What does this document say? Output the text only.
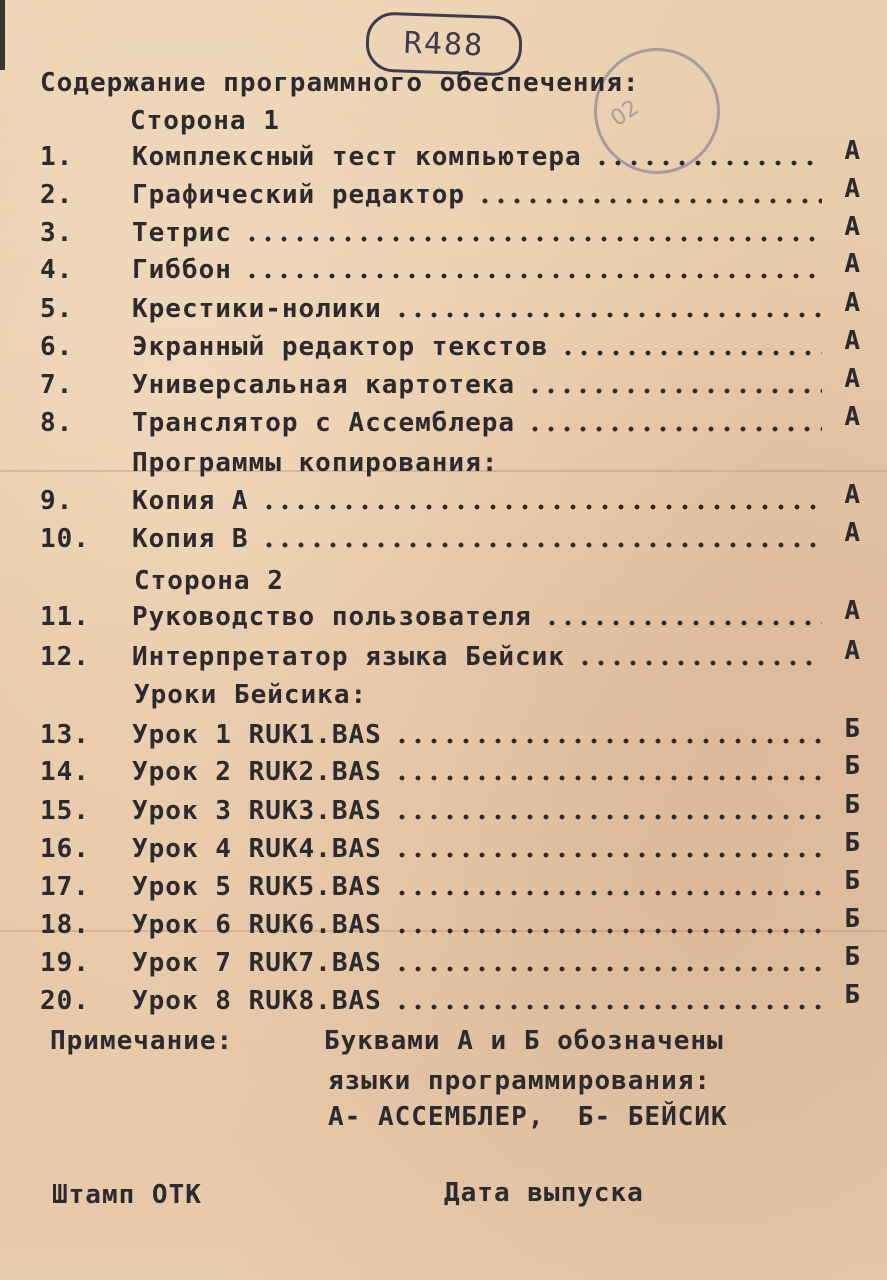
R488
02
Содержание программного обеспечения:
Сторона 1
1. Комплексный тест компьютера	А
2. Графический редактор	А
3. Тетрис	А
4. Гиббон	А
5. Крестики-нолики	А
6. Экранный редактор текстов	А
7. Универсальная картотека	А
8. Транслятор с Ассемблера	А
9. Копия А	А
10. Копия В	А
11. Руководство пользователя	А
12. Интерпретатор языка Бейсик	А
13. Урок 1 RUK1.BAS	Б
14. Урок 2 RUK2.BAS	Б
15. Урок 3 RUK3.BAS	Б
16. Урок 4 RUK4.BAS	Б
17. Урок 5 RUK5.BAS	Б
18. Урок 6 RUK6.BAS	Б
19. Урок 7 RUK7.BAS	Б
20. Урок 8 RUK8.BAS	Б
Программы копирования:
Сторона 2
Уроки Бейсика:
Примечание:	Буквами А и Б обозначены
языки программирования:
А- АССЕМБЛЕР,  Б- БЕЙСИК
Штамп ОТК	Дата выпуска
